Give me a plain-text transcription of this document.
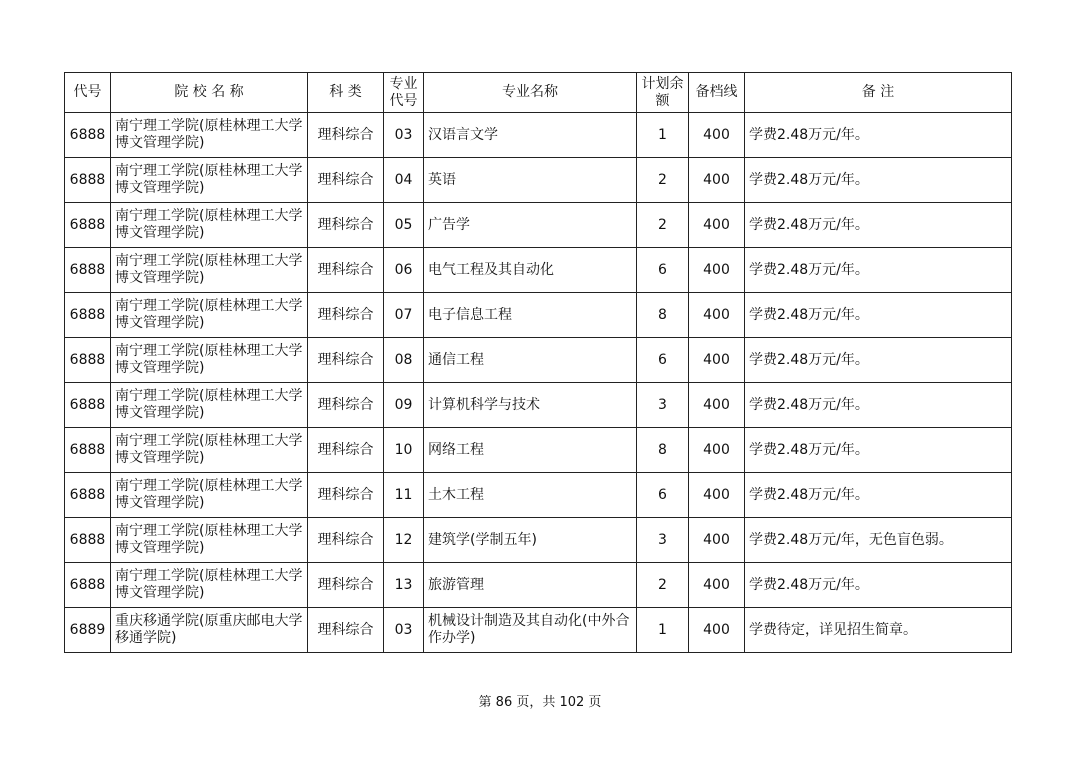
代号	院 校 名 称	科 类	专业代号	专业名称	计划余额	备档线	备 注
6888	南宁理工学院(原桂林理工大学博文管理学院)	理科综合	03	汉语言文学	1	400	学费2.48万元/年。
6888	南宁理工学院(原桂林理工大学博文管理学院)	理科综合	04	英语	2	400	学费2.48万元/年。
6888	南宁理工学院(原桂林理工大学博文管理学院)	理科综合	05	广告学	2	400	学费2.48万元/年。
6888	南宁理工学院(原桂林理工大学博文管理学院)	理科综合	06	电气工程及其自动化	6	400	学费2.48万元/年。
6888	南宁理工学院(原桂林理工大学博文管理学院)	理科综合	07	电子信息工程	8	400	学费2.48万元/年。
6888	南宁理工学院(原桂林理工大学博文管理学院)	理科综合	08	通信工程	6	400	学费2.48万元/年。
6888	南宁理工学院(原桂林理工大学博文管理学院)	理科综合	09	计算机科学与技术	3	400	学费2.48万元/年。
6888	南宁理工学院(原桂林理工大学博文管理学院)	理科综合	10	网络工程	8	400	学费2.48万元/年。
6888	南宁理工学院(原桂林理工大学博文管理学院)	理科综合	11	土木工程	6	400	学费2.48万元/年。
6888	南宁理工学院(原桂林理工大学博文管理学院)	理科综合	12	建筑学(学制五年)	3	400	学费2.48万元/年，无色盲色弱。
6888	南宁理工学院(原桂林理工大学博文管理学院)	理科综合	13	旅游管理	2	400	学费2.48万元/年。
6889	重庆移通学院(原重庆邮电大学移通学院)	理科综合	03	机械设计制造及其自动化(中外合作办学)	1	400	学费待定，详见招生简章。
第 86 页，共 102 页
